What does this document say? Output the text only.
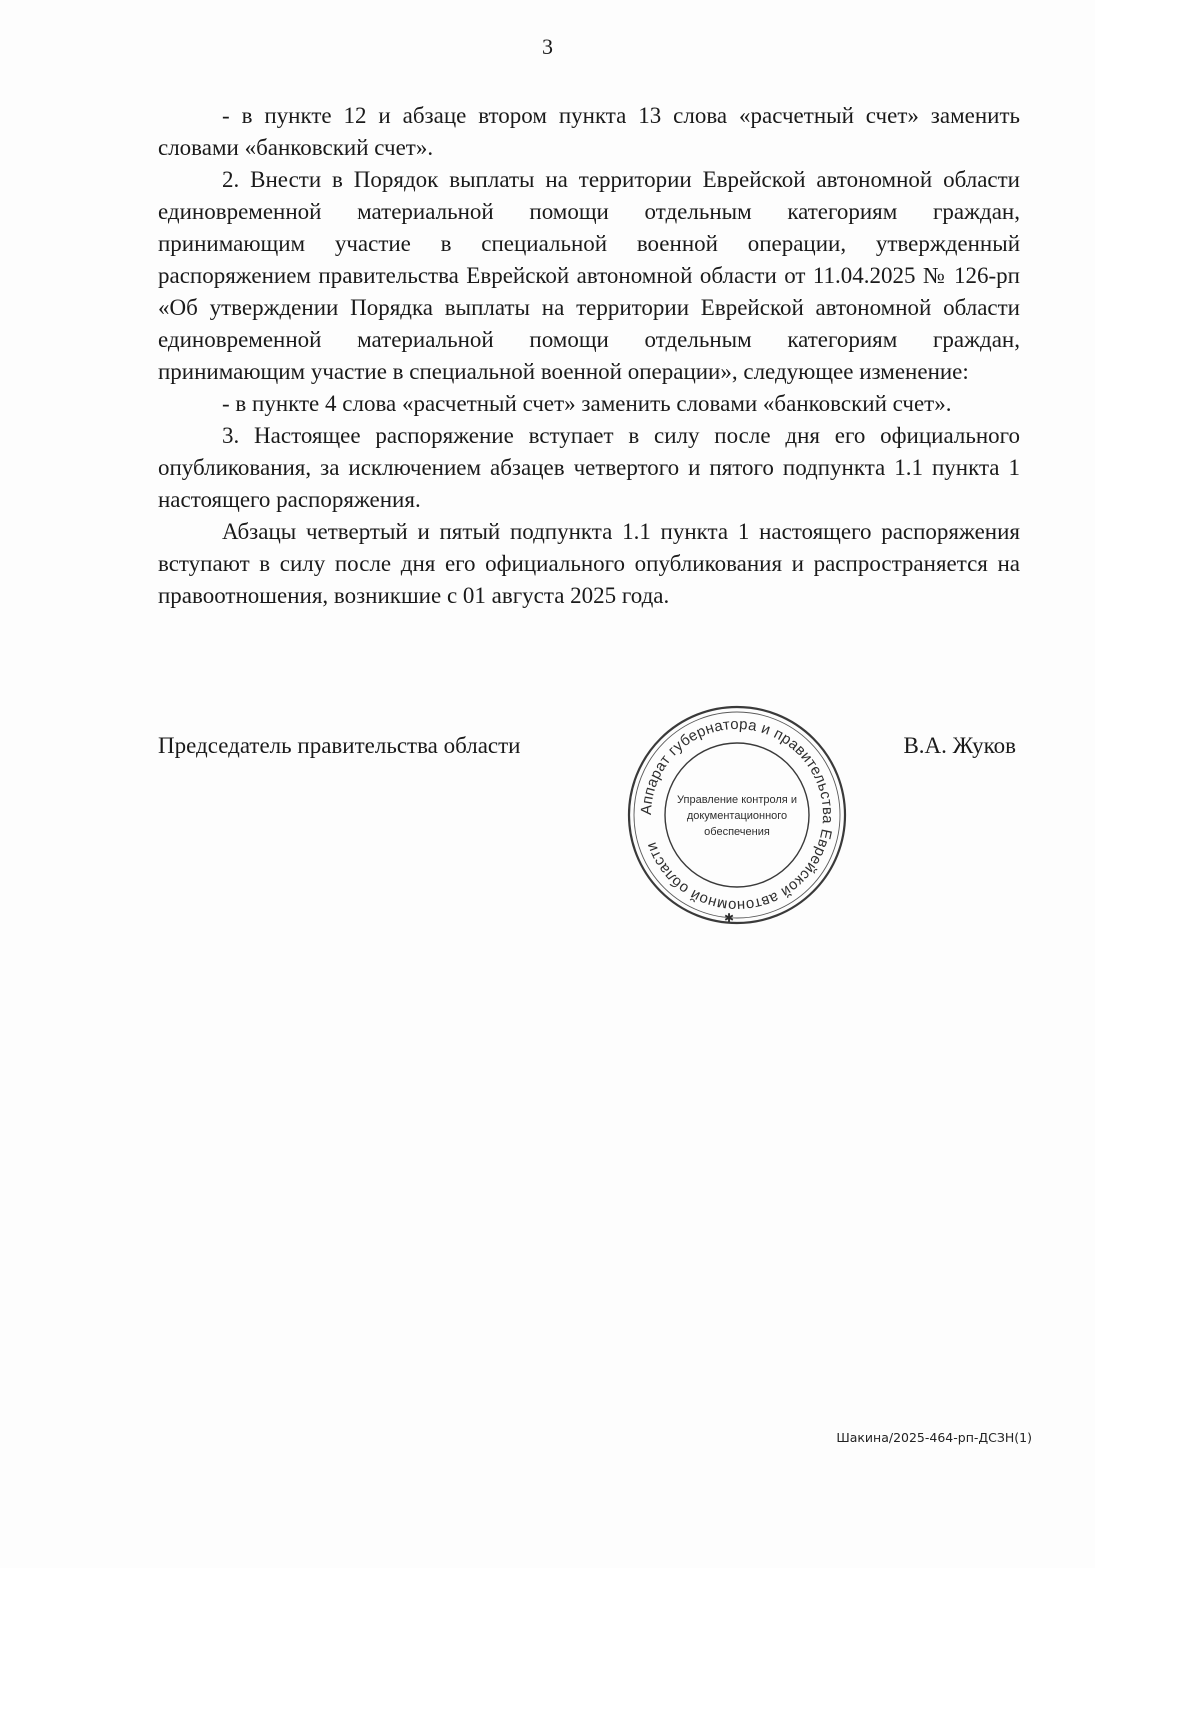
3

- в пункте 12 и абзаце втором пункта 13 слова «расчетный счет» заменить словами «банковский счет».

2. Внести в Порядок выплаты на территории Еврейской автономной области единовременной материальной помощи отдельным категориям граждан, принимающим участие в специальной военной операции, утвержденный распоряжением правительства Еврейской автономной области от 11.04.2025 № 126-рп «Об утверждении Порядка выплаты на территории Еврейской автономной области единовременной материальной помощи отдельным категориям граждан, принимающим участие в специальной военной операции», следующее изменение:

- в пункте 4 слова «расчетный счет» заменить словами «банковский счет».

3. Настоящее распоряжение вступает в силу после дня его официального опубликования, за исключением абзацев четвертого и пятого подпункта 1.1 пункта 1 настоящего распоряжения.

Абзацы четвертый и пятый подпункта 1.1 пункта 1 настоящего распоряжения вступают в силу после дня его официального опубликования и распространяется на правоотношения, возникшие с 01 августа 2025 года.

Председатель правительства области	В.А. Жуков
Аппарат губернатора и правительства Еврейской автономной области
Управление контроля и
документационного
обеспечения
✱
Шакина/2025-464-рп-ДСЗН(1)
